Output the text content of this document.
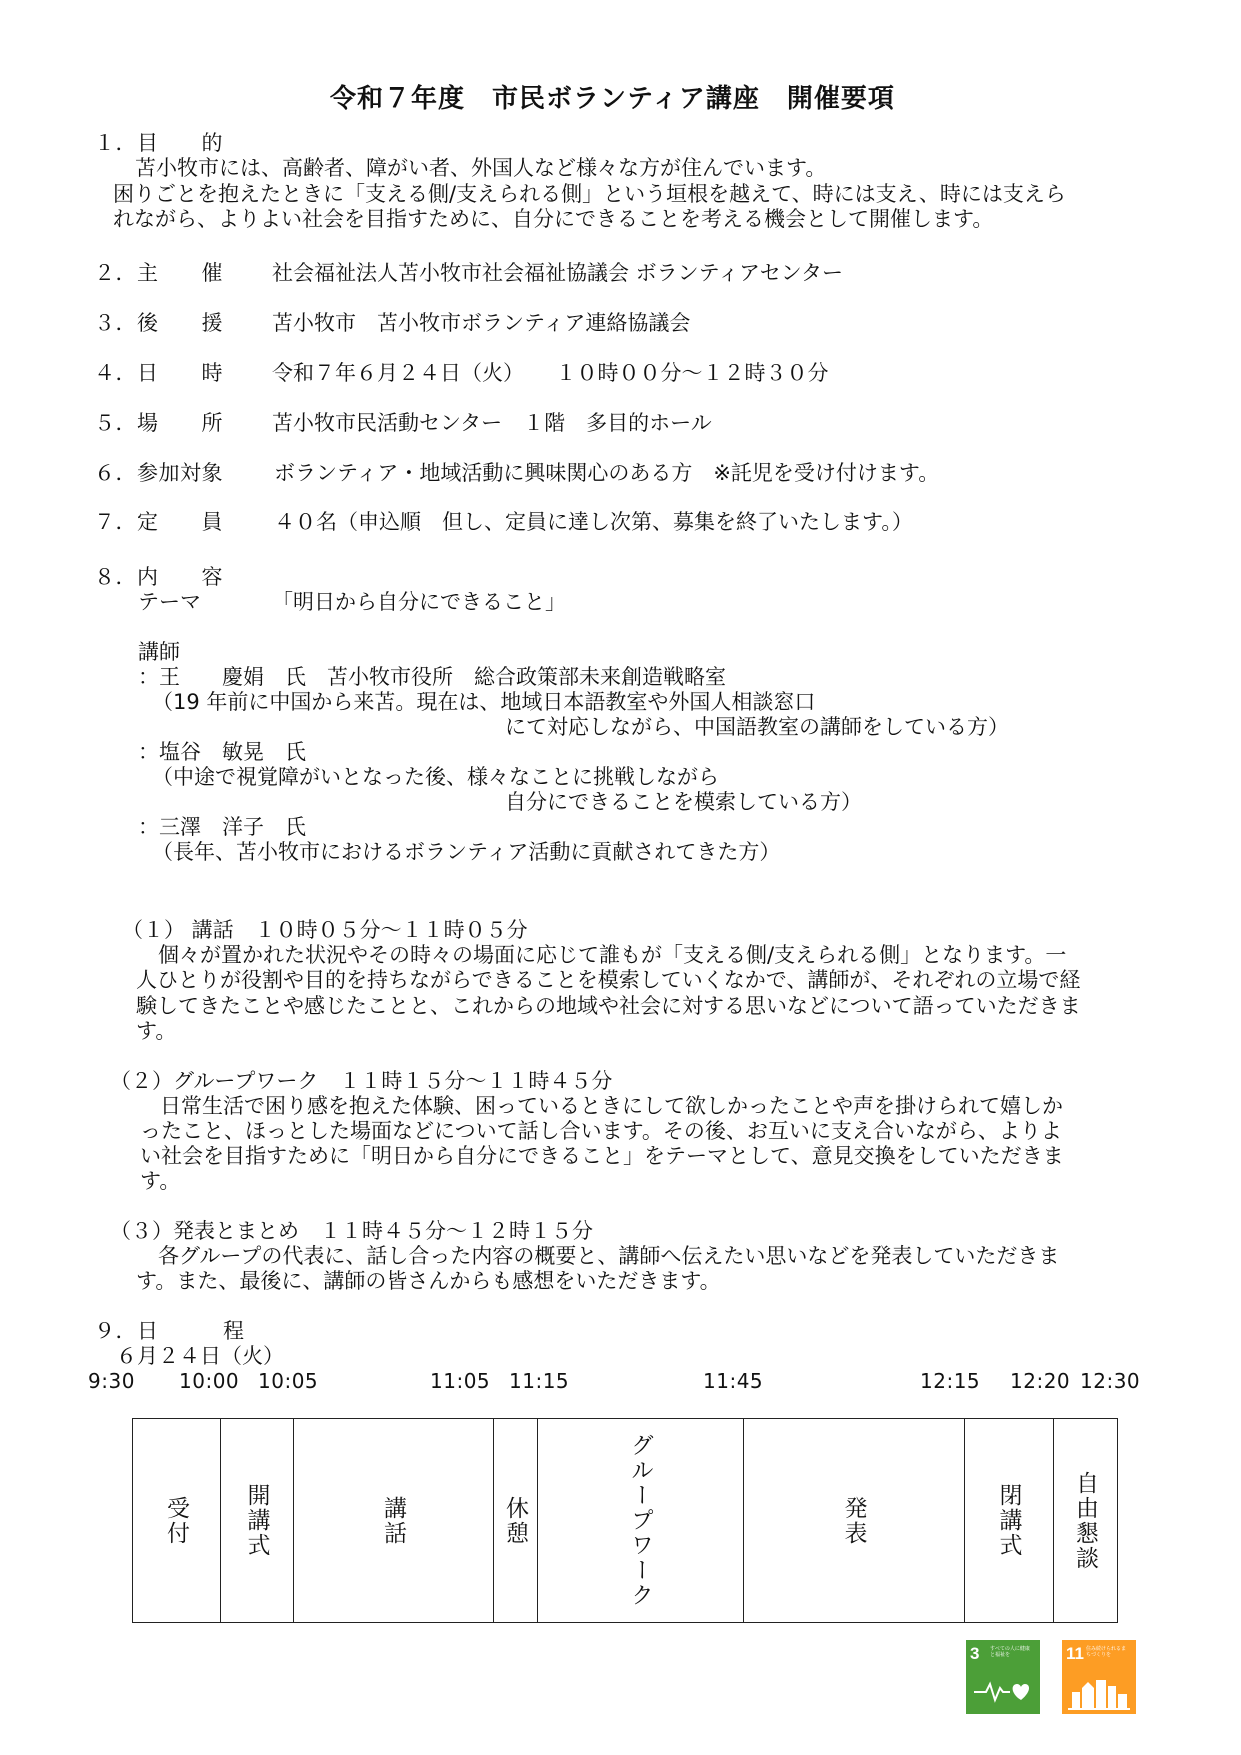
令和７年度　市民ボランティア講座　開催要項
１．目　　的
苫小牧市には、高齢者、障がい者、外国人など様々な方が住んでいます。
困りごとを抱えたときに「支える側/支えられる側」という垣根を越えて、時には支え、時には支えら
れながら、よりよい社会を目指すために、自分にできることを考える機会として開催します。
２．主　　催 社会福祉法人苫小牧市社会福祉協議会 ボランティアセンター
３．後　　援 苫小牧市　苫小牧市ボランティア連絡協議会
４．日　　時 令和７年６月２４日（火）　　１０時００分～１２時３０分
５．場　　所 苫小牧市民活動センター　１階　多目的ホール
６．参加対象 ボランティア・地域活動に興味関心のある方　※託児を受け付けます。
７．定　　員 ４０名（申込順　但し、定員に達し次第、募集を終了いたします。）
８．内　　容
テーマ	「明日から自分にできること」
講師
：王　　慶娟　氏　苫小牧市役所　総合政策部未来創造戦略室
（19 年前に中国から来苫。現在は、地域日本語教室や外国人相談窓口
にて対応しながら、中国語教室の講師をしている方）
：塩谷　敏晃　氏
（中途で視覚障がいとなった後、様々なことに挑戦しながら
自分にできることを模索している方）
：三澤　洋子　氏
（長年、苫小牧市におけるボランティア活動に貢献されてきた方）
（１） 講話　１０時０５分～１１時０５分
個々が置かれた状況やその時々の場面に応じて誰もが「支える側/支えられる側」となります。一
人ひとりが役割や目的を持ちながらできることを模索していくなかで、講師が、それぞれの立場で経
験してきたことや感じたことと、これからの地域や社会に対する思いなどについて語っていただきま
す。
（２）グループワーク　１１時１５分～１１時４５分
日常生活で困り感を抱えた体験、困っているときにして欲しかったことや声を掛けられて嬉しか
ったこと、ほっとした場面などについて話し合います。その後、お互いに支え合いながら、よりよ
い社会を目指すために「明日から自分にできること」をテーマとして、意見交換をしていただきま
す。
（３）発表とまとめ　１１時４５分～１２時１５分
各グループの代表に、話し合った内容の概要と、講師へ伝えたい思いなどを発表していただきま
す。また、最後に、講師の皆さんからも感想をいただきます。
９．日　　　程
６月２４日（火）
9:30 10:00 10:05	11:05 11:15	11:45	12:15 12:20 12:30
受付 開講式	講話	休憩	グループワーク	発表	閉講式 自由懇談
3 すべての人に健康と福祉を	11 住み続けられるまちづくりを
